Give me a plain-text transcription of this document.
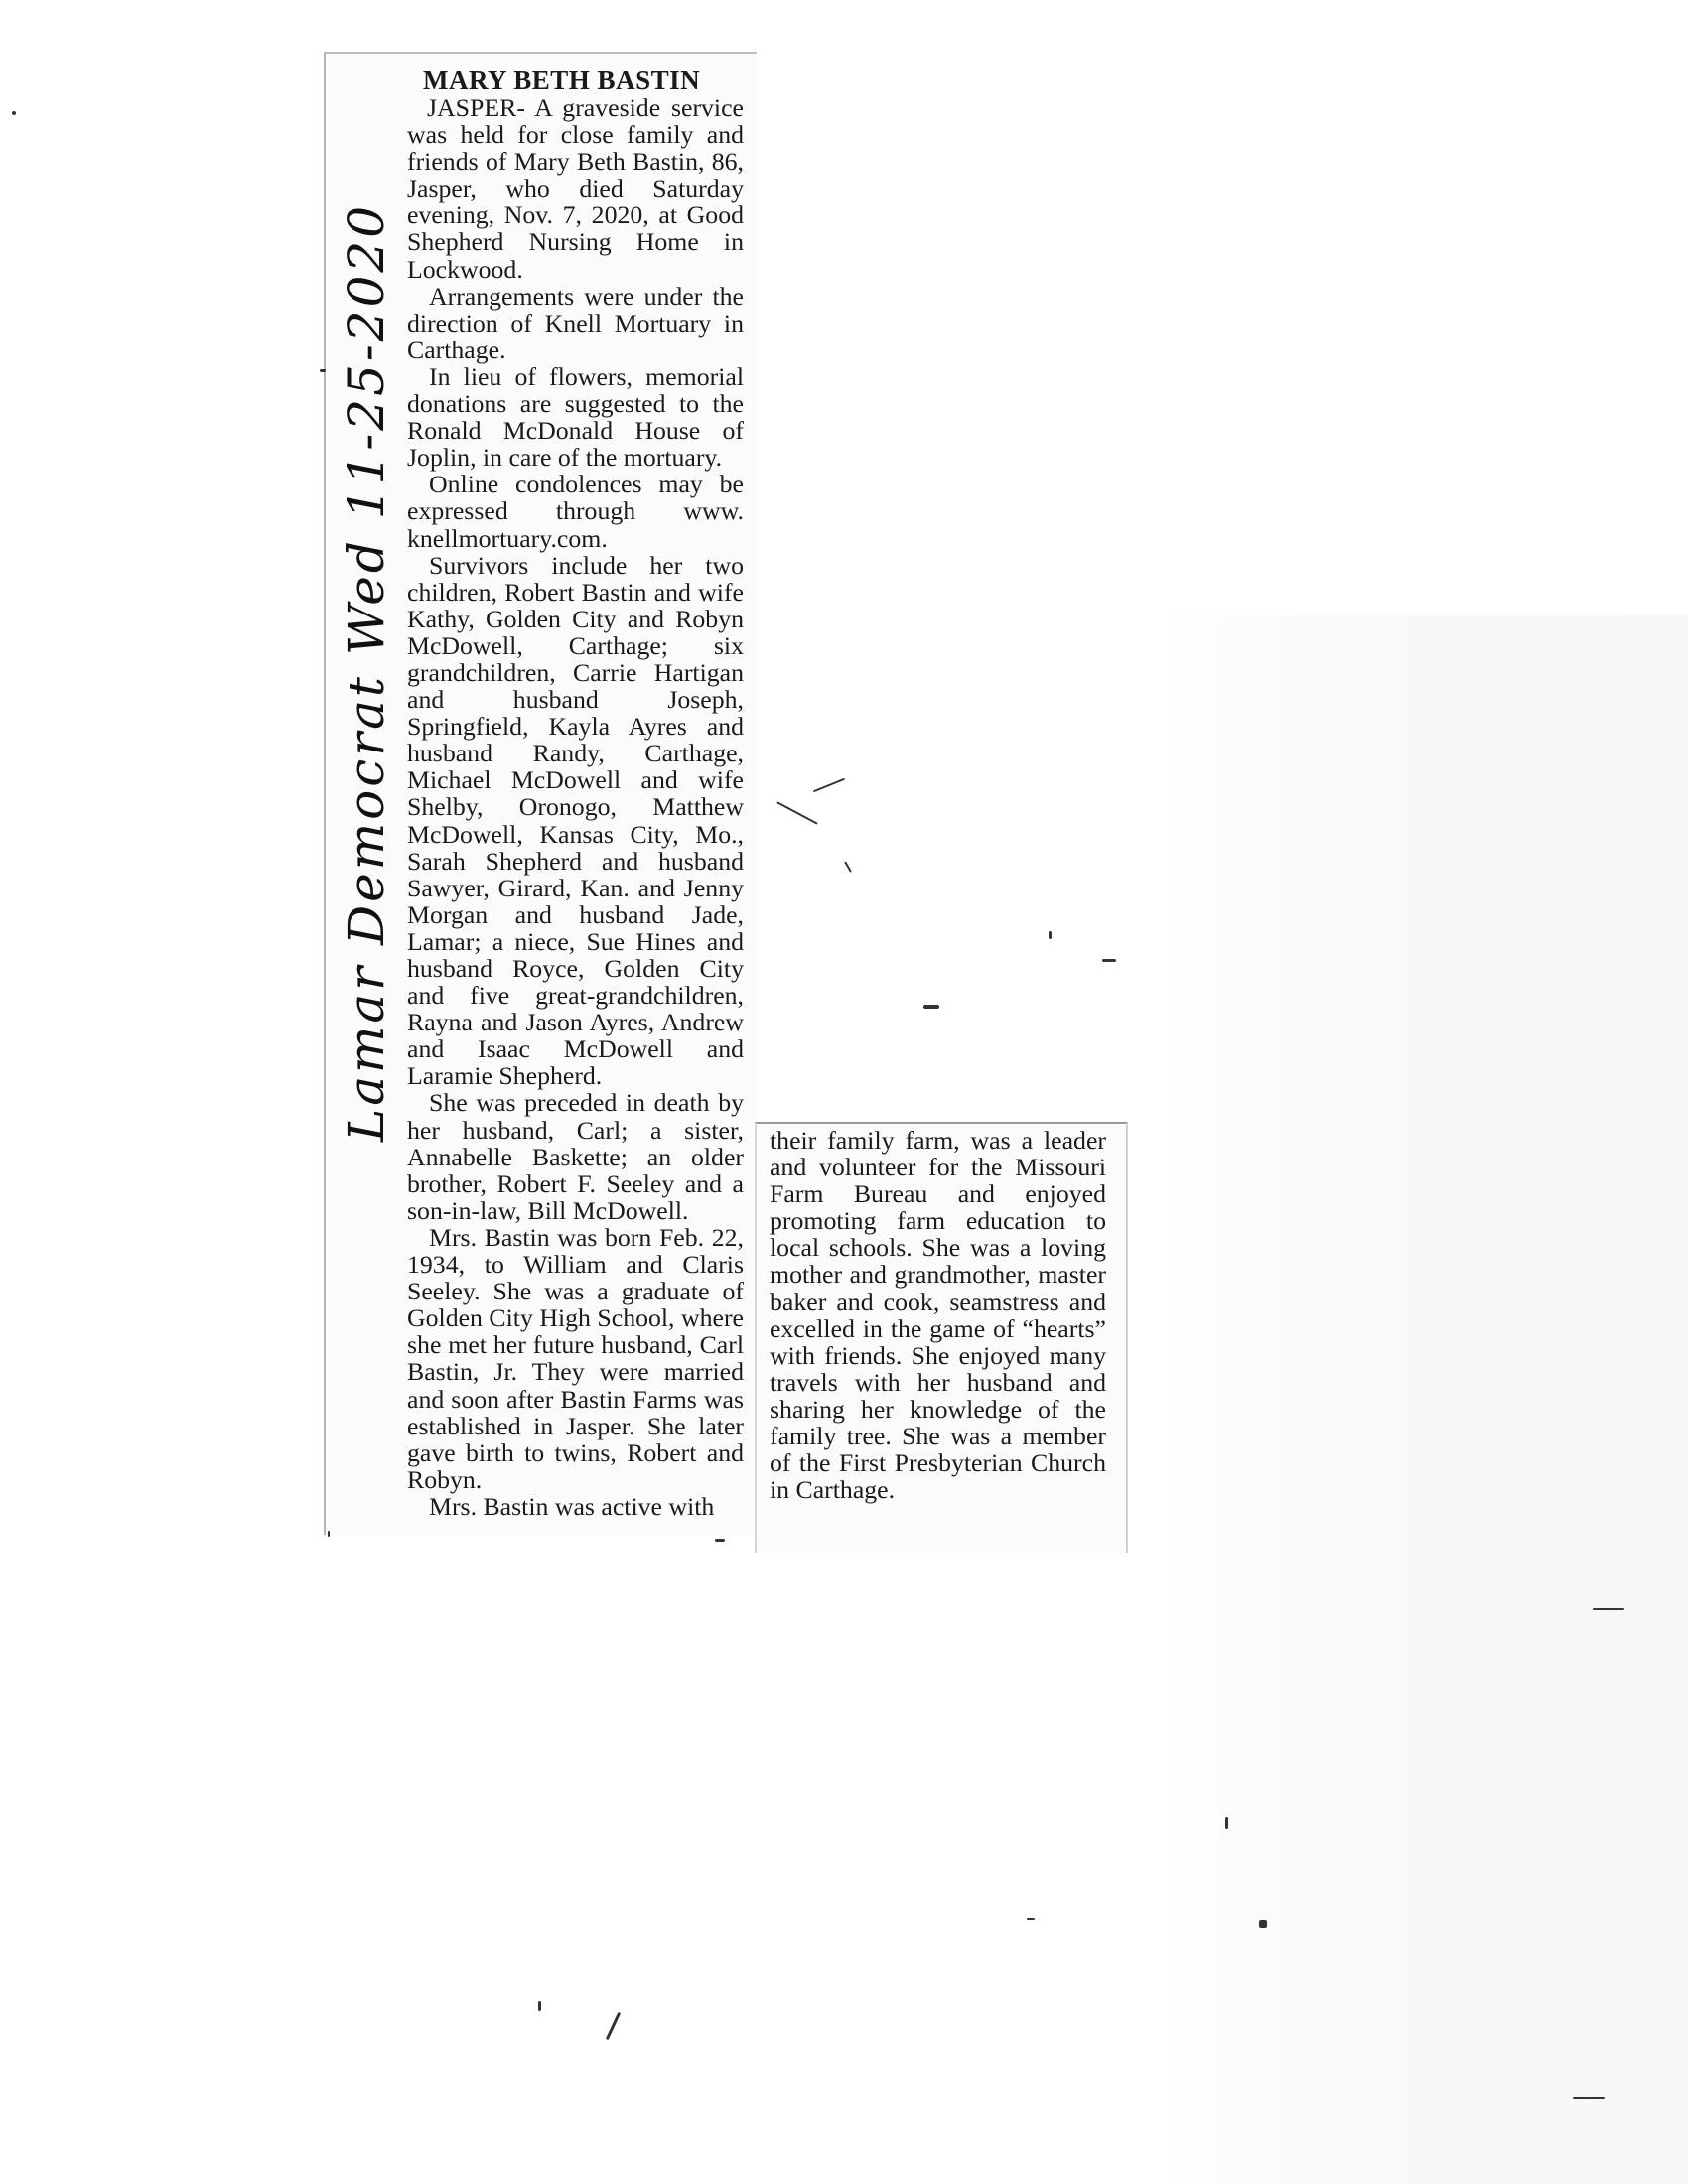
MARY BETH BASTIN

JASPER- A graveside service was held for close family and friends of Mary Beth Bastin, 86, Jasper, who died Saturday evening, Nov. 7, 2020, at Good Shepherd Nursing Home in Lockwood.

Arrangements were under the direction of Knell Mortuary in Carthage.

In lieu of flowers, memorial donations are suggested to the Ronald McDonald House of Joplin, in care of the mortuary.

Online condolences may be expressed through www.​knellmortuary.com.

Survivors include her two children, Robert Bastin and wife Kathy, Golden City and Robyn McDowell, Carthage; six grandchildren, Carrie Hartigan and husband Joseph, Springfield, Kayla Ayres and husband Randy, Carthage, Michael McDowell and wife Shelby, Oronogo, Matthew McDowell, Kansas City, Mo., Sarah Shepherd and husband Sawyer, Girard, Kan. and Jenny Morgan and husband Jade, Lamar; a niece, Sue Hines and husband Royce, Golden City and five great-grandchildren, Rayna and Jason Ayres, Andrew and Isaac McDowell and Laramie Shepherd.

She was preceded in death by her husband, Carl; a sister, Annabelle Baskette; an older brother, Robert F. Seeley and a son-in-law, Bill McDowell.

Mrs. Bastin was born Feb. 22, 1934, to William and Claris Seeley. She was a graduate of Golden City High School, where she met her future husband, Carl Bastin, Jr. They were married and soon after Bastin Farms was established in Jasper. She later gave birth to twins, Robert and Robyn.

Mrs. Bastin was active with

their family farm, was a leader and volunteer for the Missouri Farm Bureau and enjoyed promoting farm education to local schools. She was a loving mother and grandmother, master baker and cook, seamstress and excelled in the game of “hearts” with friends. She enjoyed many travels with her husband and sharing her knowledge of the family tree. She was a member of the First Presbyterian Church in Carthage.

Lamar Democrat Wed 11-25-2020
